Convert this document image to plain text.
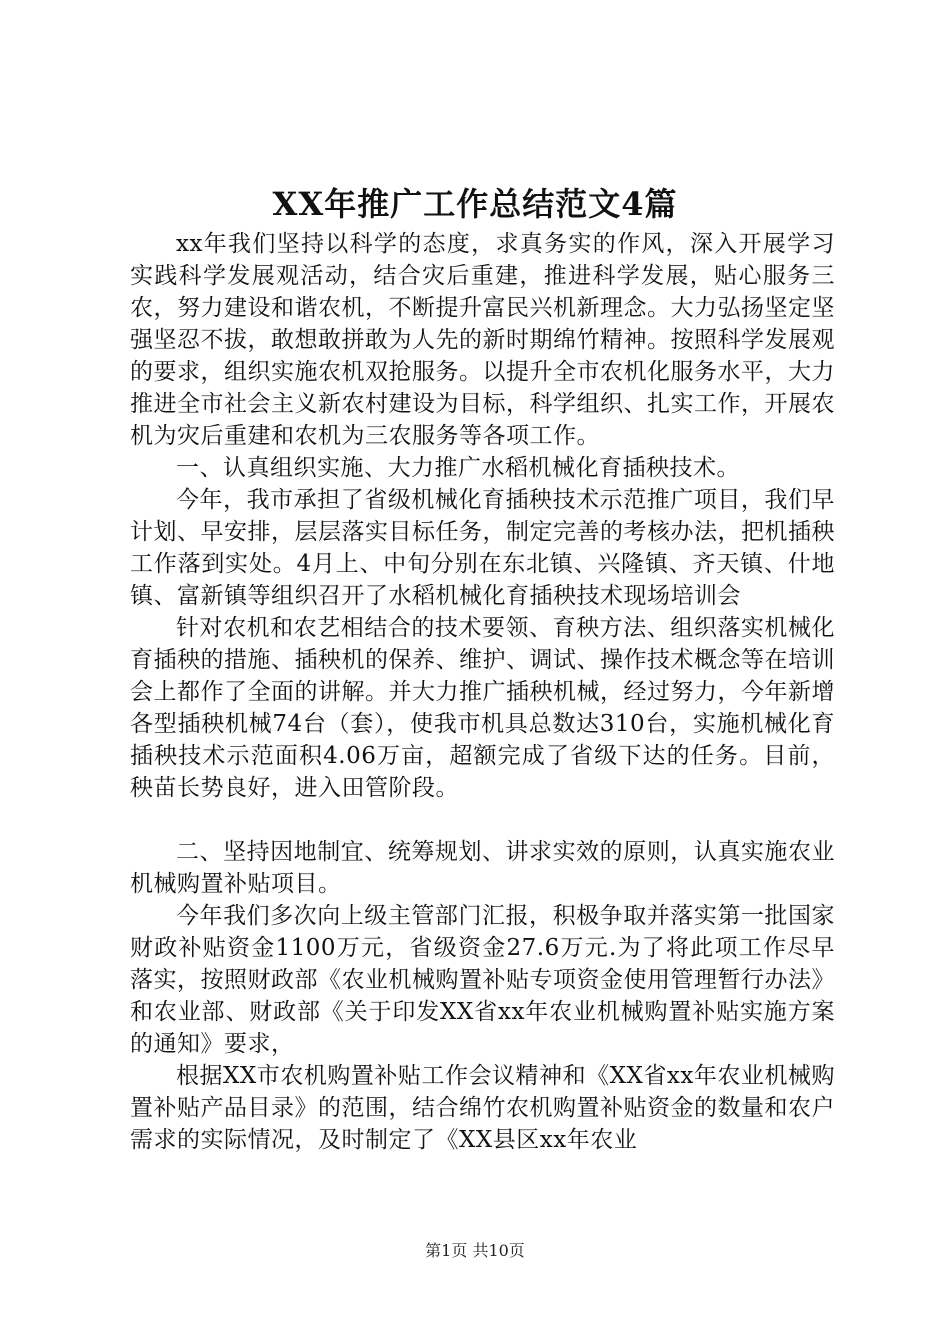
XX年推广工作总结范文4篇

xx年我们坚持以科学的态度，求真务实的作风，深入开展学习实践科学发展观活动，结合灾后重建，推进科学发展，贴心服务三农，努力建设和谐农机，不断提升富民兴机新理念。大力弘扬坚定坚强坚忍不拔，敢想敢拼敢为人先的新时期绵竹精神。按照科学发展观的要求，组织实施农机双抢服务。以提升全市农机化服务水平，大力推进全市社会主义新农村建设为目标，科学组织、扎实工作，开展农机为灾后重建和农机为三农服务等各项工作。

一、认真组织实施、大力推广水稻机械化育插秧技术。

今年，我市承担了省级机械化育插秧技术示范推广项目，我们早计划、早安排，层层落实目标任务，制定完善的考核办法，把机插秧工作落到实处。4月上、中旬分别在东北镇、兴隆镇、齐天镇、什地镇、富新镇等组织召开了水稻机械化育插秧技术现场培训会

针对农机和农艺相结合的技术要领、育秧方法、组织落实机械化育插秧的措施、插秧机的保养、维护、调试、操作技术概念等在培训会上都作了全面的讲解。并大力推广插秧机械，经过努力，今年新增各型插秧机械74台（套），使我市机具总数达310台，实施机械化育插秧技术示范面积4.06万亩，超额完成了省级下达的任务。目前，秧苗长势良好，进入田管阶段。

二、坚持因地制宜、统筹规划、讲求实效的原则，认真实施农业机械购置补贴项目。

今年我们多次向上级主管部门汇报，积极争取并落实第一批国家财政补贴资金1100万元，省级资金27.6万元.为了将此项工作尽早落实，按照财政部《农业机械购置补贴专项资金使用管理暂行办法》和农业部、财政部《关于印发XX省xx年农业机械购置补贴实施方案的通知》要求，

根据XX市农机购置补贴工作会议精神和《XX省xx年农业机械购置补贴产品目录》的范围，结合绵竹农机购置补贴资金的数量和农户需求的实际情况，及时制定了《XX县区xx年农业

第1页 共10页
